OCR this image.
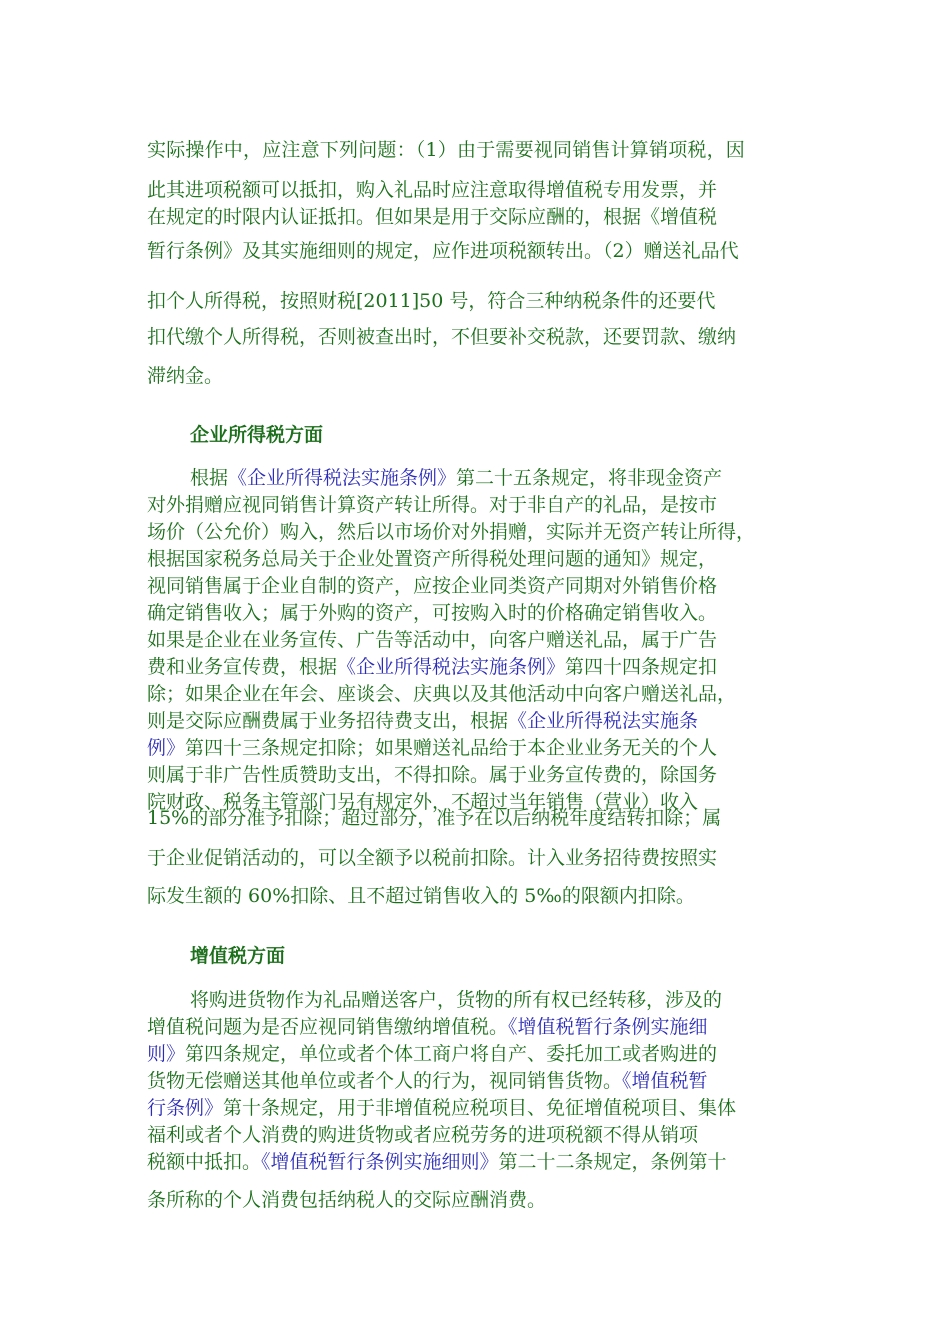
实际操作中，应注意下列问题：（1）由于需要视同销售计算销项税，因
此其进项税额可以抵扣，购入礼品时应注意取得增值税专用发票，并
在规定的时限内认证抵扣。但如果是用于交际应酬的，根据《增值税
暂行条例》及其实施细则的规定，应作进项税额转出。（2）赠送礼品代
扣个人所得税，按照财税[2011]50 号，符合三种纳税条件的还要代
扣代缴个人所得税，否则被查出时，不但要补交税款，还要罚款、缴纳
滞纳金。
企业所得税方面
根据《企业所得税法实施条例》第二十五条规定，将非现金资产
对外捐赠应视同销售计算资产转让所得。对于非自产的礼品，是按市
场价（公允价）购入，然后以市场价对外捐赠，实际并无资产转让所得，
根据国家税务总局关于企业处置资产所得税处理问题的通知》规定，
视同销售属于企业自制的资产，应按企业同类资产同期对外销售价格
确定销售收入；属于外购的资产，可按购入时的价格确定销售收入。
如果是企业在业务宣传、广告等活动中，向客户赠送礼品，属于广告
费和业务宣传费，根据《企业所得税法实施条例》第四十四条规定扣
除；如果企业在年会、座谈会、庆典以及其他活动中向客户赠送礼品，
则是交际应酬费属于业务招待费支出，根据《企业所得税法实施条
例》第四十三条规定扣除；如果赠送礼品给于本企业业务无关的个人
则属于非广告性质赞助支出，不得扣除。属于业务宣传费的，除国务
院财政、税务主管部门另有规定外，不超过当年销售（营业）收入
15%的部分准予扣除；超过部分，准予在以后纳税年度结转扣除；属
于企业促销活动的，可以全额予以税前扣除。计入业务招待费按照实
际发生额的 60%扣除、且不超过销售收入的 5‰的限额内扣除。
增值税方面
将购进货物作为礼品赠送客户，货物的所有权已经转移，涉及的
增值税问题为是否应视同销售缴纳增值税。《增值税暂行条例实施细
则》第四条规定，单位或者个体工商户将自产、委托加工或者购进的
货物无偿赠送其他单位或者个人的行为，视同销售货物。《增值税暂
行条例》第十条规定，用于非增值税应税项目、免征增值税项目、集体
福利或者个人消费的购进货物或者应税劳务的进项税额不得从销项
税额中抵扣。《增值税暂行条例实施细则》第二十二条规定，条例第十
条所称的个人消费包括纳税人的交际应酬消费。
